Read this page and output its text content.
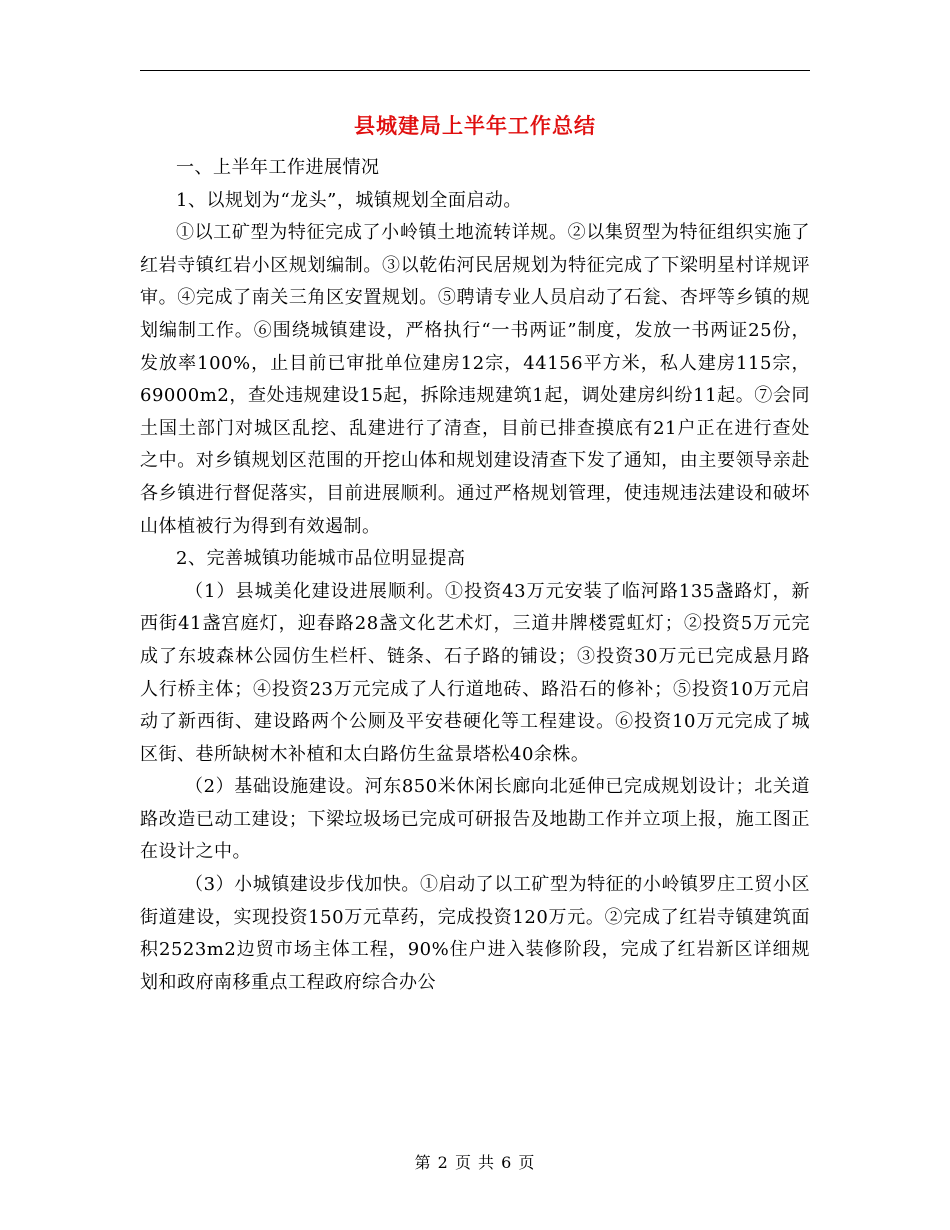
县城建局上半年工作总结

一、上半年工作进展情况

1、以规划为“龙头”，城镇规划全面启动。

①以工矿型为特征完成了小岭镇土地流转详规。②以集贸型为特征组织实施了红岩寺镇红岩小区规划编制。③以乾佑河民居规划为特征完成了下梁明星村详规评审。④完成了南关三角区安置规划。⑤聘请专业人员启动了石瓮、杏坪等乡镇的规划编制工作。⑥围绕城镇建设，严格执行“一书两证”制度，发放一书两证25份，发放率100%，止目前已审批单位建房12宗，44156平方米，私人建房115宗，69000m2，查处违规建设15起，拆除违规建筑1起，调处建房纠纷11起。⑦会同土国土部门对城区乱挖、乱建进行了清查，目前已排查摸底有21户正在进行查处之中。对乡镇规划区范围的开挖山体和规划建设清查下发了通知，由主要领导亲赴各乡镇进行督促落实，目前进展顺利。通过严格规划管理，使违规违法建设和破坏山体植被行为得到有效遏制。

2、完善城镇功能城市品位明显提高

（1）县城美化建设进展顺利。①投资43万元安装了临河路135盏路灯，新西街41盏宫庭灯，迎春路28盏文化艺术灯，三道井牌楼霓虹灯；②投资5万元完成了东坡森林公园仿生栏杆、链条、石子路的铺设；③投资30万元已完成悬月路人行桥主体；④投资23万元完成了人行道地砖、路沿石的修补；⑤投资10万元启动了新西街、建设路两个公厕及平安巷硬化等工程建设。⑥投资10万元完成了城区街、巷所缺树木补植和太白路仿生盆景塔松40余株。

（2）基础设施建设。河东850米休闲长廊向北延伸已完成规划设计；北关道路改造已动工建设；下梁垃圾场已完成可研报告及地勘工作并立项上报，施工图正在设计之中。

（3）小城镇建设步伐加快。①启动了以工矿型为特征的小岭镇罗庄工贸小区街道建设，实现投资150万元草药，完成投资120万元。②完成了红岩寺镇建筑面积2523m2边贸市场主体工程，90%住户进入装修阶段，完成了红岩新区详细规划和政府南移重点工程政府综合办公

第 2 页 共 6 页
